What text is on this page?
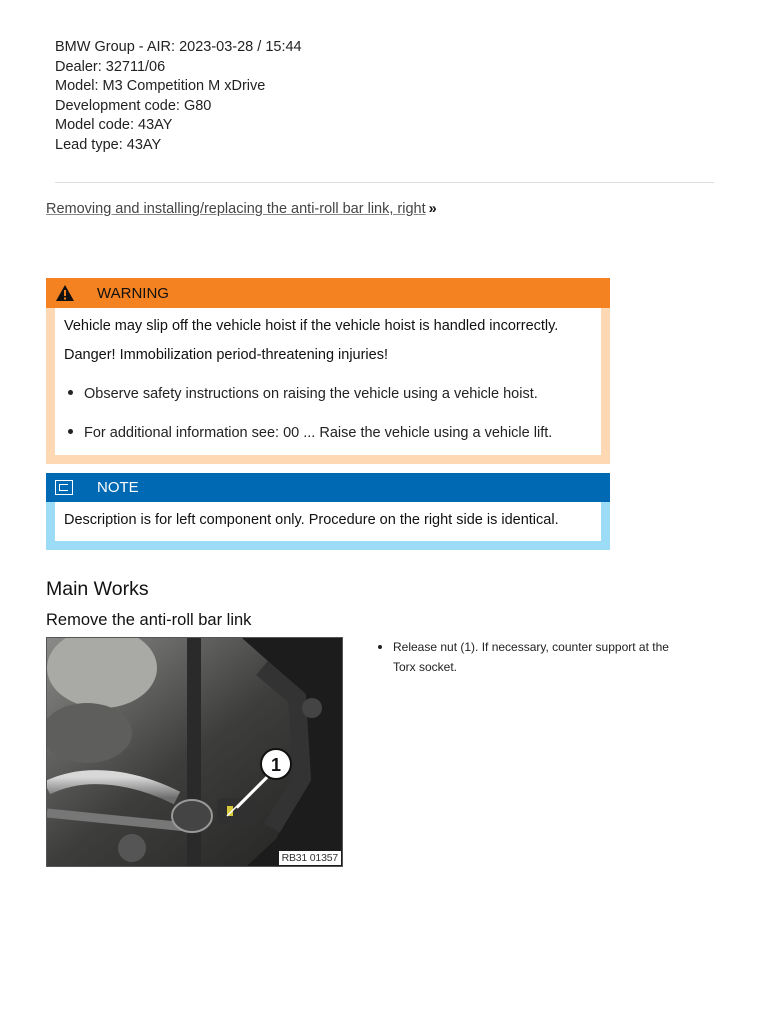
BMW Group - AIR: 2023-03-28 / 15:44
Dealer: 32711/06
Model: M3 Competition M xDrive
Development code: G80
Model code: 43AY
Lead type: 43AY
Removing and installing/replacing the anti-roll bar link, right »
WARNING
Vehicle may slip off the vehicle hoist if the vehicle hoist is handled incorrectly.
Danger! Immobilization period-threatening injuries!
Observe safety instructions on raising the vehicle using a vehicle hoist.
For additional information see: 00 ... Raise the vehicle using a vehicle lift.
NOTE
Description is for left component only. Procedure on the right side is identical.
Main Works
Remove the anti-roll bar link
1
RB31 01357
Release nut (1). If necessary, counter support at the Torx socket.
